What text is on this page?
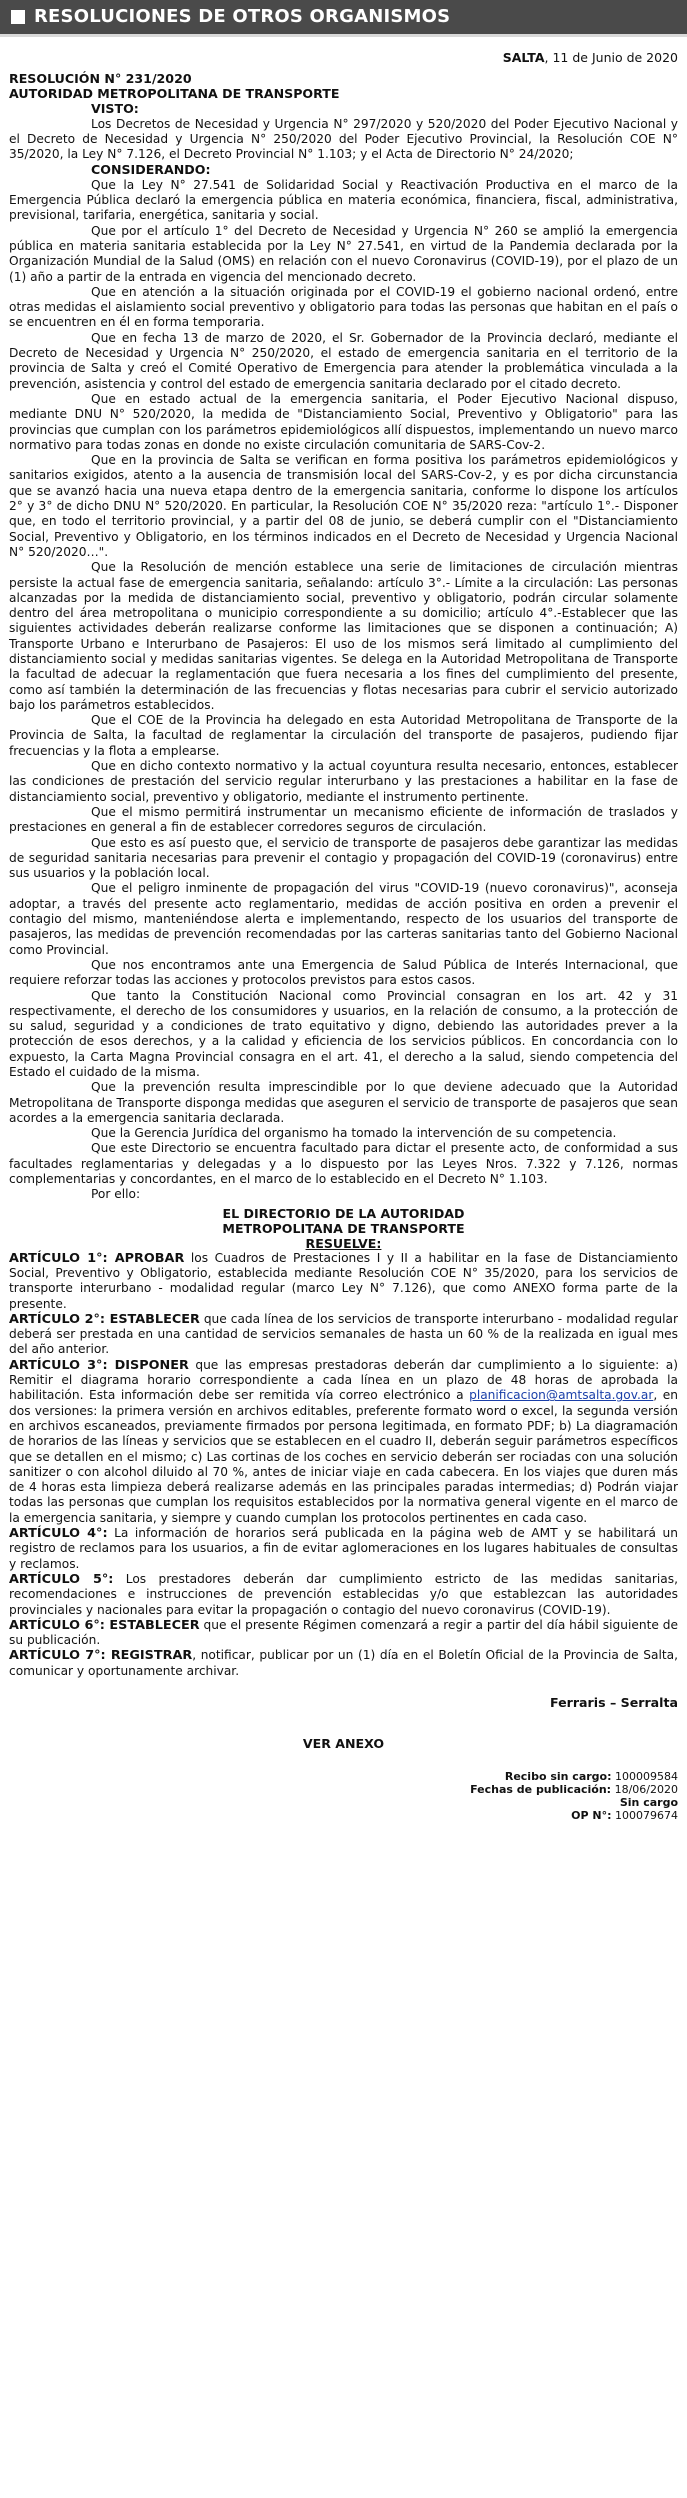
RESOLUCIONES DE OTROS ORGANISMOS
SALTA, 11 de Junio de 2020
RESOLUCIÓN N° 231/2020
AUTORIDAD METROPOLITANA DE TRANSPORTE
VISTO:

Los Decretos de Necesidad y Urgencia N° 297/2020 y 520/2020 del Poder Ejecutivo Nacional y el Decreto de Necesidad y Urgencia N° 250/2020 del Poder Ejecutivo Provincial, la Resolución COE N° 35/2020, la Ley N° 7.126, el Decreto Provincial N° 1.103; y el Acta de Directorio N° 24/2020;

CONSIDERANDO:

Que la Ley N° 27.541 de Solidaridad Social y Reactivación Productiva en el marco de la Emergencia Pública declaró la emergencia pública en materia económica, financiera, fiscal, administrativa, previsional, tarifaria, energética, sanitaria y social.

Que por el artículo 1° del Decreto de Necesidad y Urgencia N° 260 se amplió la emergencia pública en materia sanitaria establecida por la Ley N° 27.541, en virtud de la Pandemia declarada por la Organización Mundial de la Salud (OMS) en relación con el nuevo Coronavirus (COVID-19), por el plazo de un (1) año a partir de la entrada en vigencia del mencionado decreto.

Que en atención a la situación originada por el COVID-19 el gobierno nacional ordenó, entre otras medidas el aislamiento social preventivo y obligatorio para todas las personas que habitan en el país o se encuentren en él en forma temporaria.

Que en fecha 13 de marzo de 2020, el Sr. Gobernador de la Provincia declaró, mediante el Decreto de Necesidad y Urgencia N° 250/2020, el estado de emergencia sanitaria en el territorio de la provincia de Salta y creó el Comité Operativo de Emergencia para atender la problemática vinculada a la prevención, asistencia y control del estado de emergencia sanitaria declarado por el citado decreto.

Que en estado actual de la emergencia sanitaria, el Poder Ejecutivo Nacional dispuso, mediante DNU N° 520/2020, la medida de "Distanciamiento Social, Preventivo y Obligatorio" para las provincias que cumplan con los parámetros epidemiológicos allí dispuestos, implementando un nuevo marco normativo para todas zonas en donde no existe circulación comunitaria de SARS-Cov-2.

Que en la provincia de Salta se verifican en forma positiva los parámetros epidemiológicos y sanitarios exigidos, atento a la ausencia de transmisión local del SARS-Cov-2, y es por dicha circunstancia que se avanzó hacia una nueva etapa dentro de la emergencia sanitaria, conforme lo dispone los artículos 2° y 3° de dicho DNU N° 520/2020. En particular, la Resolución COE N° 35/2020 reza: "artículo 1°.- Disponer que, en todo el territorio provincial, y a partir del 08 de junio, se deberá cumplir con el "Distanciamiento Social, Preventivo y Obligatorio, en los términos indicados en el Decreto de Necesidad y Urgencia Nacional N° 520/2020…".

Que la Resolución de mención establece una serie de limitaciones de circulación mientras persiste la actual fase de emergencia sanitaria, señalando: artículo 3°.- Límite a la circulación: Las personas alcanzadas por la medida de distanciamiento social, preventivo y obligatorio, podrán circular solamente dentro del área metropolitana o municipio correspondiente a su domicilio; artículo 4°.-Establecer que las siguientes actividades deberán realizarse conforme las limitaciones que se disponen a continuación; A) Transporte Urbano e Interurbano de Pasajeros: El uso de los mismos será limitado al cumplimiento del distanciamiento social y medidas sanitarias vigentes. Se delega en la Autoridad Metropolitana de Transporte la facultad de adecuar la reglamentación que fuera necesaria a los fines del cumplimiento del presente, como así también la determinación de las frecuencias y flotas necesarias para cubrir el servicio autorizado bajo los parámetros establecidos.

Que el COE de la Provincia ha delegado en esta Autoridad Metropolitana de Transporte de la Provincia de Salta, la facultad de reglamentar la circulación del transporte de pasajeros, pudiendo fijar frecuencias y la flota a emplearse.

Que en dicho contexto normativo y la actual coyuntura resulta necesario, entonces, establecer las condiciones de prestación del servicio regular interurbano y las prestaciones a habilitar en la fase de distanciamiento social, preventivo y obligatorio, mediante el instrumento pertinente.

Que el mismo permitirá instrumentar un mecanismo eficiente de información de traslados y prestaciones en general a fin de establecer corredores seguros de circulación.

Que esto es así puesto que, el servicio de transporte de pasajeros debe garantizar las medidas de seguridad sanitaria necesarias para prevenir el contagio y propagación del COVID-19 (coronavirus) entre sus usuarios y la población local.

Que el peligro inminente de propagación del virus "COVID-19 (nuevo coronavirus)", aconseja adoptar, a través del presente acto reglamentario, medidas de acción positiva en orden a prevenir el contagio del mismo, manteniéndose alerta e implementando, respecto de los usuarios del transporte de pasajeros, las medidas de prevención recomendadas por las carteras sanitarias tanto del Gobierno Nacional como Provincial.

Que nos encontramos ante una Emergencia de Salud Pública de Interés Internacional, que requiere reforzar todas las acciones y protocolos previstos para estos casos.

Que tanto la Constitución Nacional como Provincial consagran en los art. 42 y 31 respectivamente, el derecho de los consumidores y usuarios, en la relación de consumo, a la protección de su salud, seguridad y a condiciones de trato equitativo y digno, debiendo las autoridades prever a la protección de esos derechos, y a la calidad y eficiencia de los servicios públicos. En concordancia con lo expuesto, la Carta Magna Provincial consagra en el art. 41, el derecho a la salud, siendo competencia del Estado el cuidado de la misma.

Que la prevención resulta imprescindible por lo que deviene adecuado que la Autoridad Metropolitana de Transporte disponga medidas que aseguren el servicio de transporte de pasajeros que sean acordes a la emergencia sanitaria declarada.

Que la Gerencia Jurídica del organismo ha tomado la intervención de su competencia.

Que este Directorio se encuentra facultado para dictar el presente acto, de conformidad a sus facultades reglamentarias y delegadas y a lo dispuesto por las Leyes Nros. 7.322 y 7.126, normas complementarias y concordantes, en el marco de lo establecido en el Decreto N° 1.103.

Por ello:

EL DIRECTORIO DE LA AUTORIDAD
METROPOLITANA DE TRANSPORTE
RESUELVE:

ARTÍCULO 1°: APROBAR los Cuadros de Prestaciones I y II a habilitar en la fase de Distanciamiento Social, Preventivo y Obligatorio, establecida mediante Resolución COE N° 35/2020, para los servicios de transporte interurbano - modalidad regular (marco Ley N° 7.126), que como ANEXO forma parte de la presente.

ARTÍCULO 2°: ESTABLECER que cada línea de los servicios de transporte interurbano - modalidad regular deberá ser prestada en una cantidad de servicios semanales de hasta un 60 % de la realizada en igual mes del año anterior.

ARTÍCULO 3°: DISPONER que las empresas prestadoras deberán dar cumplimiento a lo siguiente: a) Remitir el diagrama horario correspondiente a cada línea en un plazo de 48 horas de aprobada la habilitación. Esta información debe ser remitida vía correo electrónico a planificacion@amtsalta.gov.ar, en dos versiones: la primera versión en archivos editables, preferente formato word o excel, la segunda versión en archivos escaneados, previamente firmados por persona legitimada, en formato PDF; b) La diagramación de horarios de las líneas y servicios que se establecen en el cuadro II, deberán seguir parámetros específicos que se detallen en el mismo; c) Las cortinas de los coches en servicio deberán ser rociadas con una solución sanitizer o con alcohol diluido al 70 %, antes de iniciar viaje en cada cabecera. En los viajes que duren más de 4 horas esta limpieza deberá realizarse además en las principales paradas intermedias; d) Podrán viajar todas las personas que cumplan los requisitos establecidos por la normativa general vigente en el marco de la emergencia sanitaria, y siempre y cuando cumplan los protocolos pertinentes en cada caso.

ARTÍCULO 4°: La información de horarios será publicada en la página web de AMT y se habilitará un registro de reclamos para los usuarios, a fin de evitar aglomeraciones en los lugares habituales de consultas y reclamos.

ARTÍCULO 5°: Los prestadores deberán dar cumplimiento estricto de las medidas sanitarias, recomendaciones e instrucciones de prevención establecidas y/o que establezcan las autoridades provinciales y nacionales para evitar la propagación o contagio del nuevo coronavirus (COVID-19).

ARTÍCULO 6°: ESTABLECER que el presente Régimen comenzará a regir a partir del día hábil siguiente de su publicación.

ARTÍCULO 7°: REGISTRAR, notificar, publicar por un (1) día en el Boletín Oficial de la Provincia de Salta, comunicar y oportunamente archivar.

Ferraris – Serralta
VER ANEXO
Recibo sin cargo: 100009584
Fechas de publicación: 18/06/2020
Sin cargo
OP N°: 100079674
